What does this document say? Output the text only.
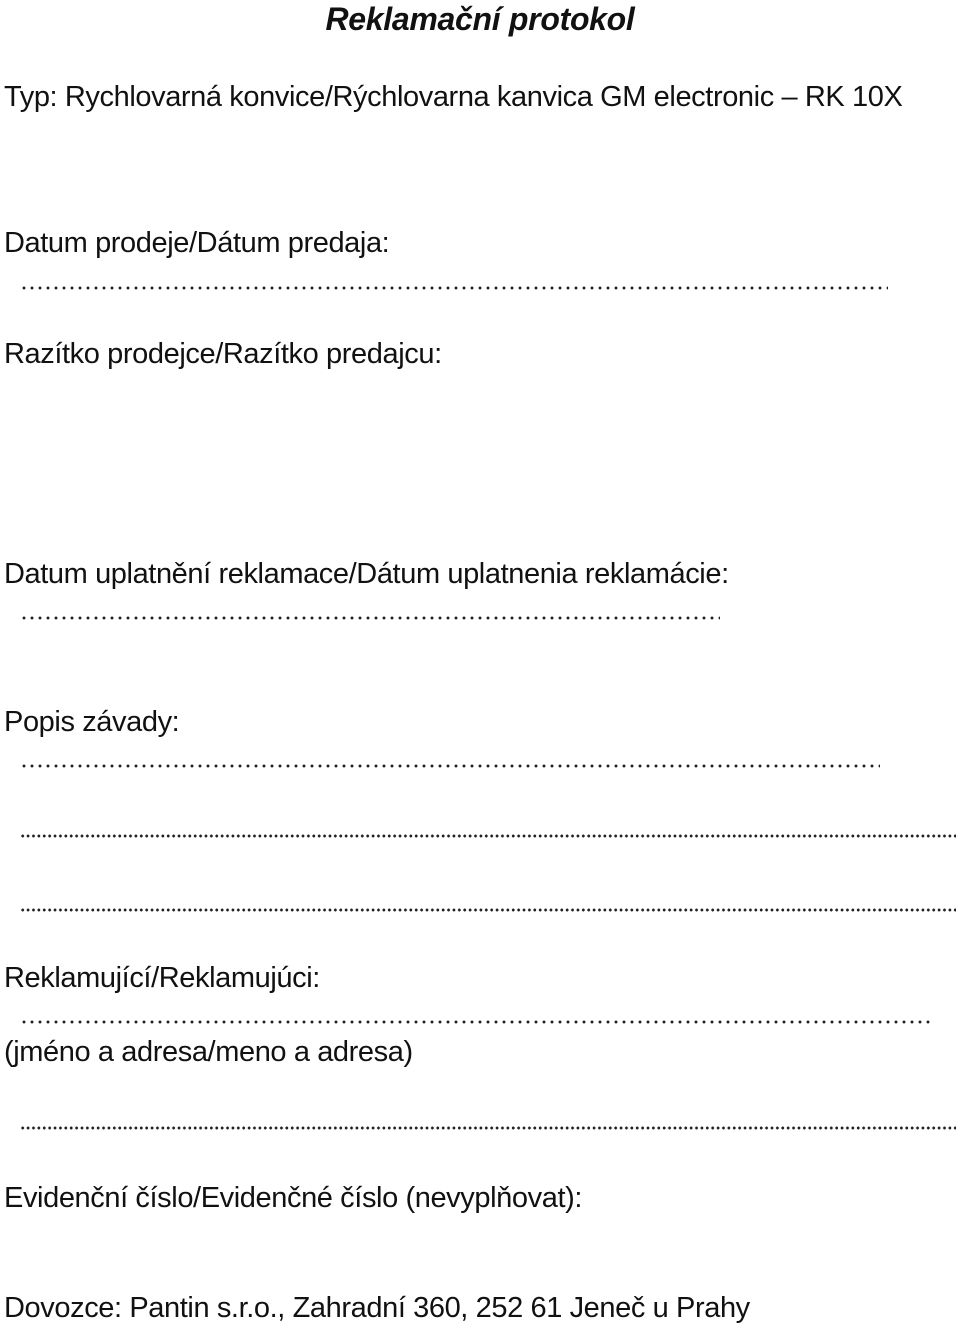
Reklamační protokol
Typ: Rychlovarná konvice/Rýchlovarna kanvica GM electronic – RK 10X
Datum prodeje/Dátum predaja:
Razítko prodejce/Razítko predajcu:
Datum uplatnění reklamace/Dátum uplatnenia reklamácie:
Popis závady:
Reklamující/Reklamujúci:
(jméno a adresa/meno a adresa)
Evidenční číslo/Evidenčné číslo (nevyplňovat):
Dovozce: Pantin s.r.o., Zahradní 360, 252 61 Jeneč u Prahy
